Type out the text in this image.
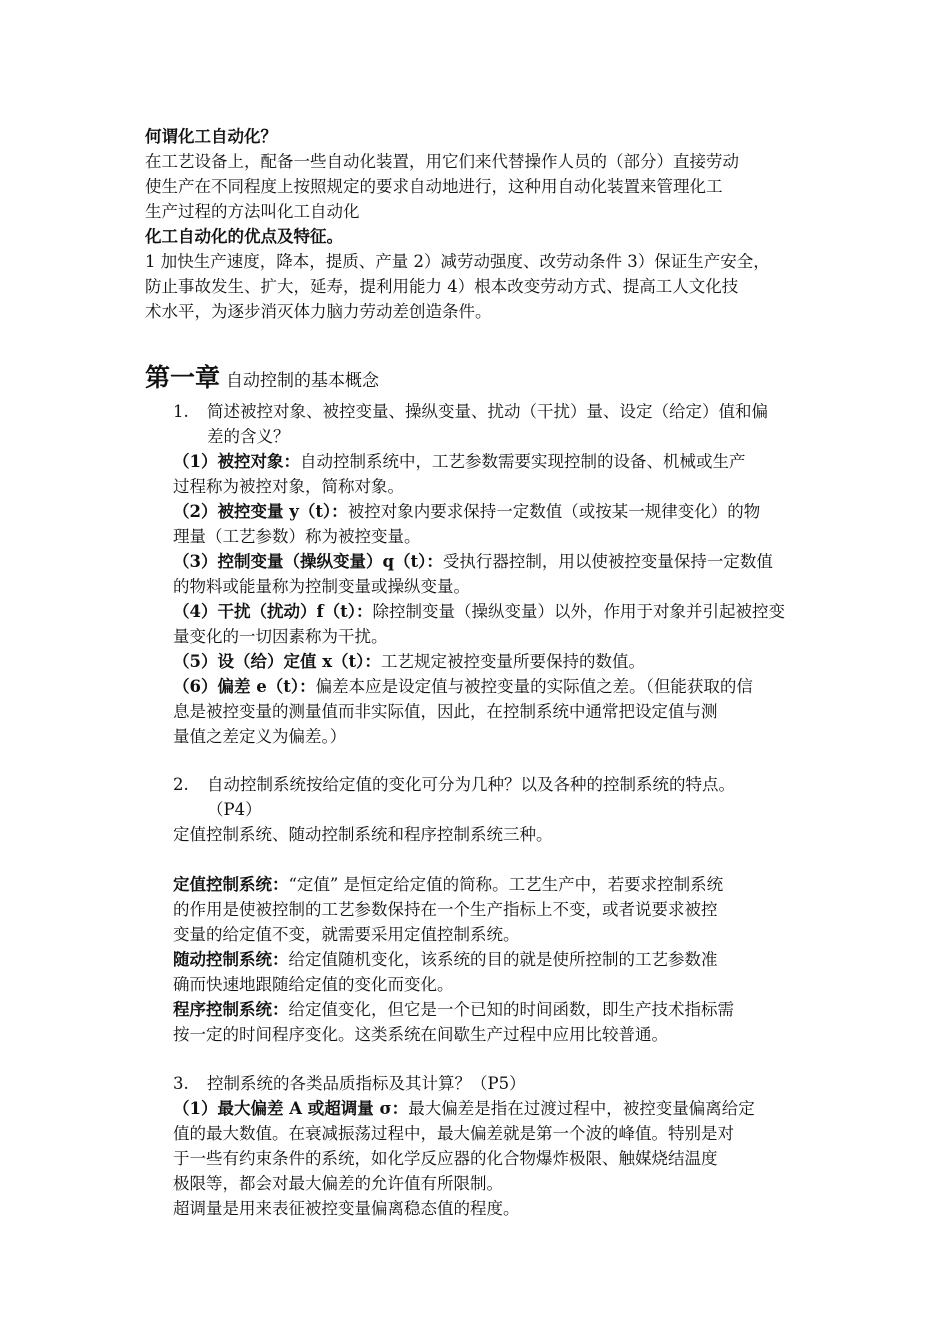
何谓化工自动化？
在工艺设备上，配备一些自动化装置，用它们来代替操作人员的（部分）直接劳动
使生产在不同程度上按照规定的要求自动地进行，这种用自动化装置来管理化工
生产过程的方法叫化工自动化
化工自动化的优点及特征。
1 加快生产速度，降本，提质、产量 2）减劳动强度、改劳动条件 3）保证生产安全，
防止事故发生、扩大，延寿，提利用能力 4）根本改变劳动方式、提高工人文化技
术水平，为逐步消灭体力脑力劳动差创造条件。
第一章 自动控制的基本概念
1. 简述被控对象、被控变量、操纵变量、扰动（干扰）量、设定（给定）值和偏
差的含义？
（1）被控对象：自动控制系统中，工艺参数需要实现控制的设备、机械或生产
过程称为被控对象，简称对象。
（2）被控变量 y（t）：被控对象内要求保持一定数值（或按某一规律变化）的物
理量（工艺参数）称为被控变量。
（3）控制变量（操纵变量）q（t）：受执行器控制，用以使被控变量保持一定数值
的物料或能量称为控制变量或操纵变量。
（4）干扰（扰动）f（t）：除控制变量（操纵变量）以外，作用于对象并引起被控变
量变化的一切因素称为干扰。
（5）设（给）定值 x（t）：工艺规定被控变量所要保持的数值。
（6）偏差 e（t）：偏差本应是设定值与被控变量的实际值之差。（但能获取的信
息是被控变量的测量值而非实际值，因此，在控制系统中通常把设定值与测
量值之差定义为偏差。）
2. 自动控制系统按给定值的变化可分为几种？以及各种的控制系统的特点。
（P4）
定值控制系统、随动控制系统和程序控制系统三种。
定值控制系统：“定值” 是恒定给定值的简称。工艺生产中，若要求控制系统
的作用是使被控制的工艺参数保持在一个生产指标上不变，或者说要求被控
变量的给定值不变，就需要采用定值控制系统。
随动控制系统：给定值随机变化，该系统的目的就是使所控制的工艺参数准
确而快速地跟随给定值的变化而变化。
程序控制系统：给定值变化，但它是一个已知的时间函数，即生产技术指标需
按一定的时间程序变化。这类系统在间歇生产过程中应用比较普通。
3. 控制系统的各类品质指标及其计算？（P5）
（1）最大偏差 A 或超调量 σ：最大偏差是指在过渡过程中，被控变量偏离给定
值的最大数值。在衰减振荡过程中，最大偏差就是第一个波的峰值。特别是对
于一些有约束条件的系统，如化学反应器的化合物爆炸极限、触媒烧结温度
极限等，都会对最大偏差的允许值有所限制。
超调量是用来表征被控变量偏离稳态值的程度。
